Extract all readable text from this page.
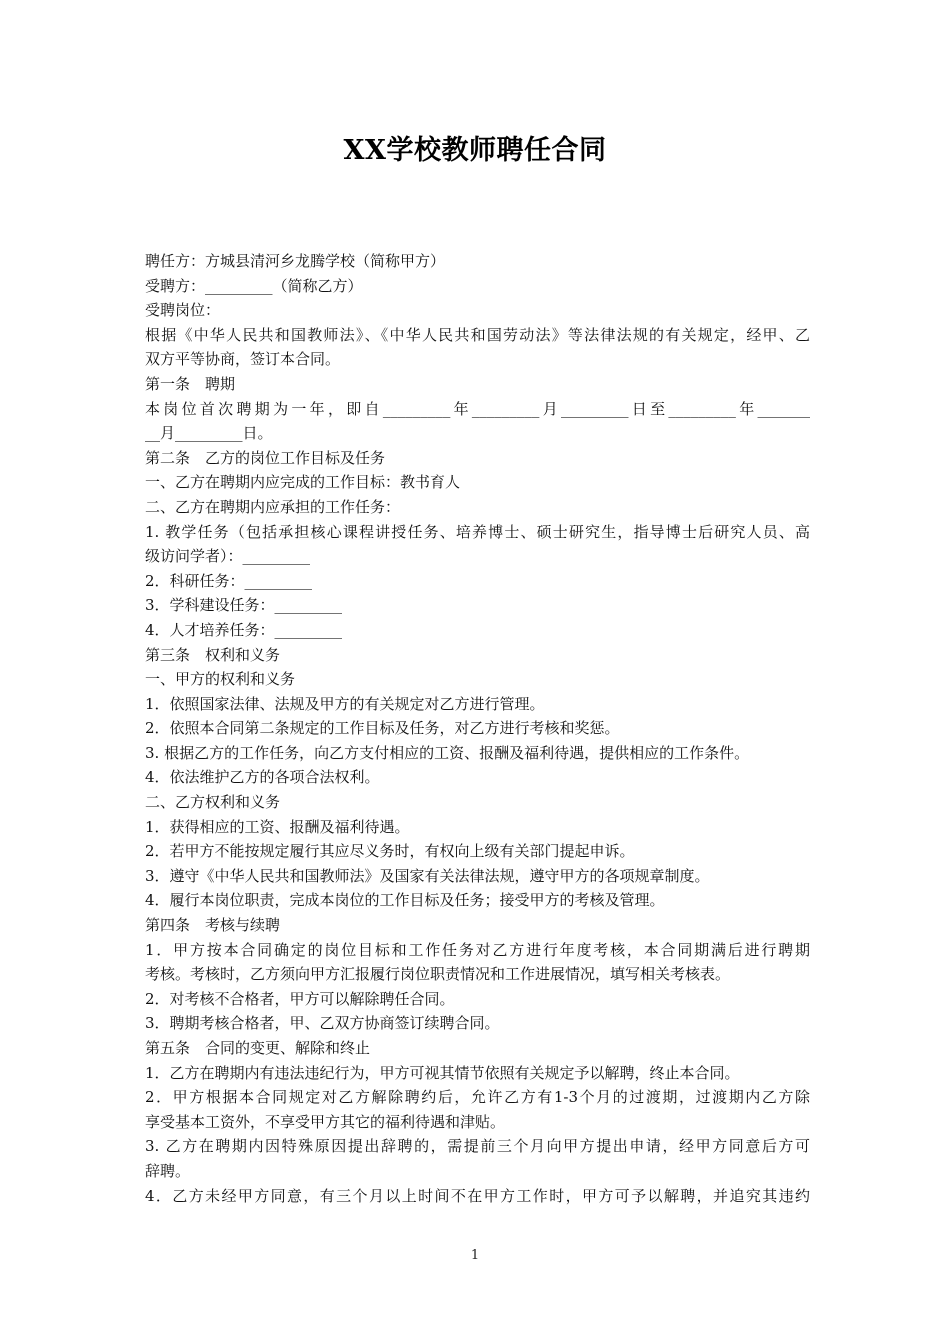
XX学校教师聘任合同
聘任方：方城县清河乡龙腾学校（简称甲方）
受聘方：_________（简称乙方）
受聘岗位：
根据《中华人民共和国教师法》、《中华人民共和国劳动法》等法律法规的有关规定，经甲、乙
双方平等协商，签订本合同。
第一条　聘期
本岗位首次聘期为一年，即自_________年_________月_________日至_________年_______
__月_________日。
第二条　乙方的岗位工作目标及任务
一、乙方在聘期内应完成的工作目标：教书育人
二、乙方在聘期内应承担的工作任务：
1. 教学任务（包括承担核心课程讲授任务、培养博士、硕士研究生，指导博士后研究人员、高
级访问学者）：_________
2．科研任务：_________
3．学科建设任务：_________
4．人才培养任务：_________
第三条　权利和义务
一、甲方的权利和义务
1．依照国家法律、法规及甲方的有关规定对乙方进行管理。
2．依照本合同第二条规定的工作目标及任务，对乙方进行考核和奖惩。
3. 根据乙方的工作任务，向乙方支付相应的工资、报酬及福利待遇，提供相应的工作条件。
4．依法维护乙方的各项合法权利。
二、乙方权利和义务
1．获得相应的工资、报酬及福利待遇。
2．若甲方不能按规定履行其应尽义务时，有权向上级有关部门提起申诉。
3．遵守《中华人民共和国教师法》及国家有关法律法规，遵守甲方的各项规章制度。
4．履行本岗位职责，完成本岗位的工作目标及任务；接受甲方的考核及管理。
第四条　考核与续聘
1．甲方按本合同确定的岗位目标和工作任务对乙方进行年度考核，本合同期满后进行聘期
考核。考核时，乙方须向甲方汇报履行岗位职责情况和工作进展情况，填写相关考核表。
2．对考核不合格者，甲方可以解除聘任合同。
3．聘期考核合格者，甲、乙双方协商签订续聘合同。
第五条　合同的变更、解除和终止
1．乙方在聘期内有违法违纪行为，甲方可视其情节依照有关规定予以解聘，终止本合同。
2．甲方根据本合同规定对乙方解除聘约后，允许乙方有1-3个月的过渡期，过渡期内乙方除
享受基本工资外，不享受甲方其它的福利待遇和津贴。
3. 乙方在聘期内因特殊原因提出辞聘的，需提前三个月向甲方提出申请，经甲方同意后方可
辞聘。
4．乙方未经甲方同意，有三个月以上时间不在甲方工作时，甲方可予以解聘，并追究其违约
1
